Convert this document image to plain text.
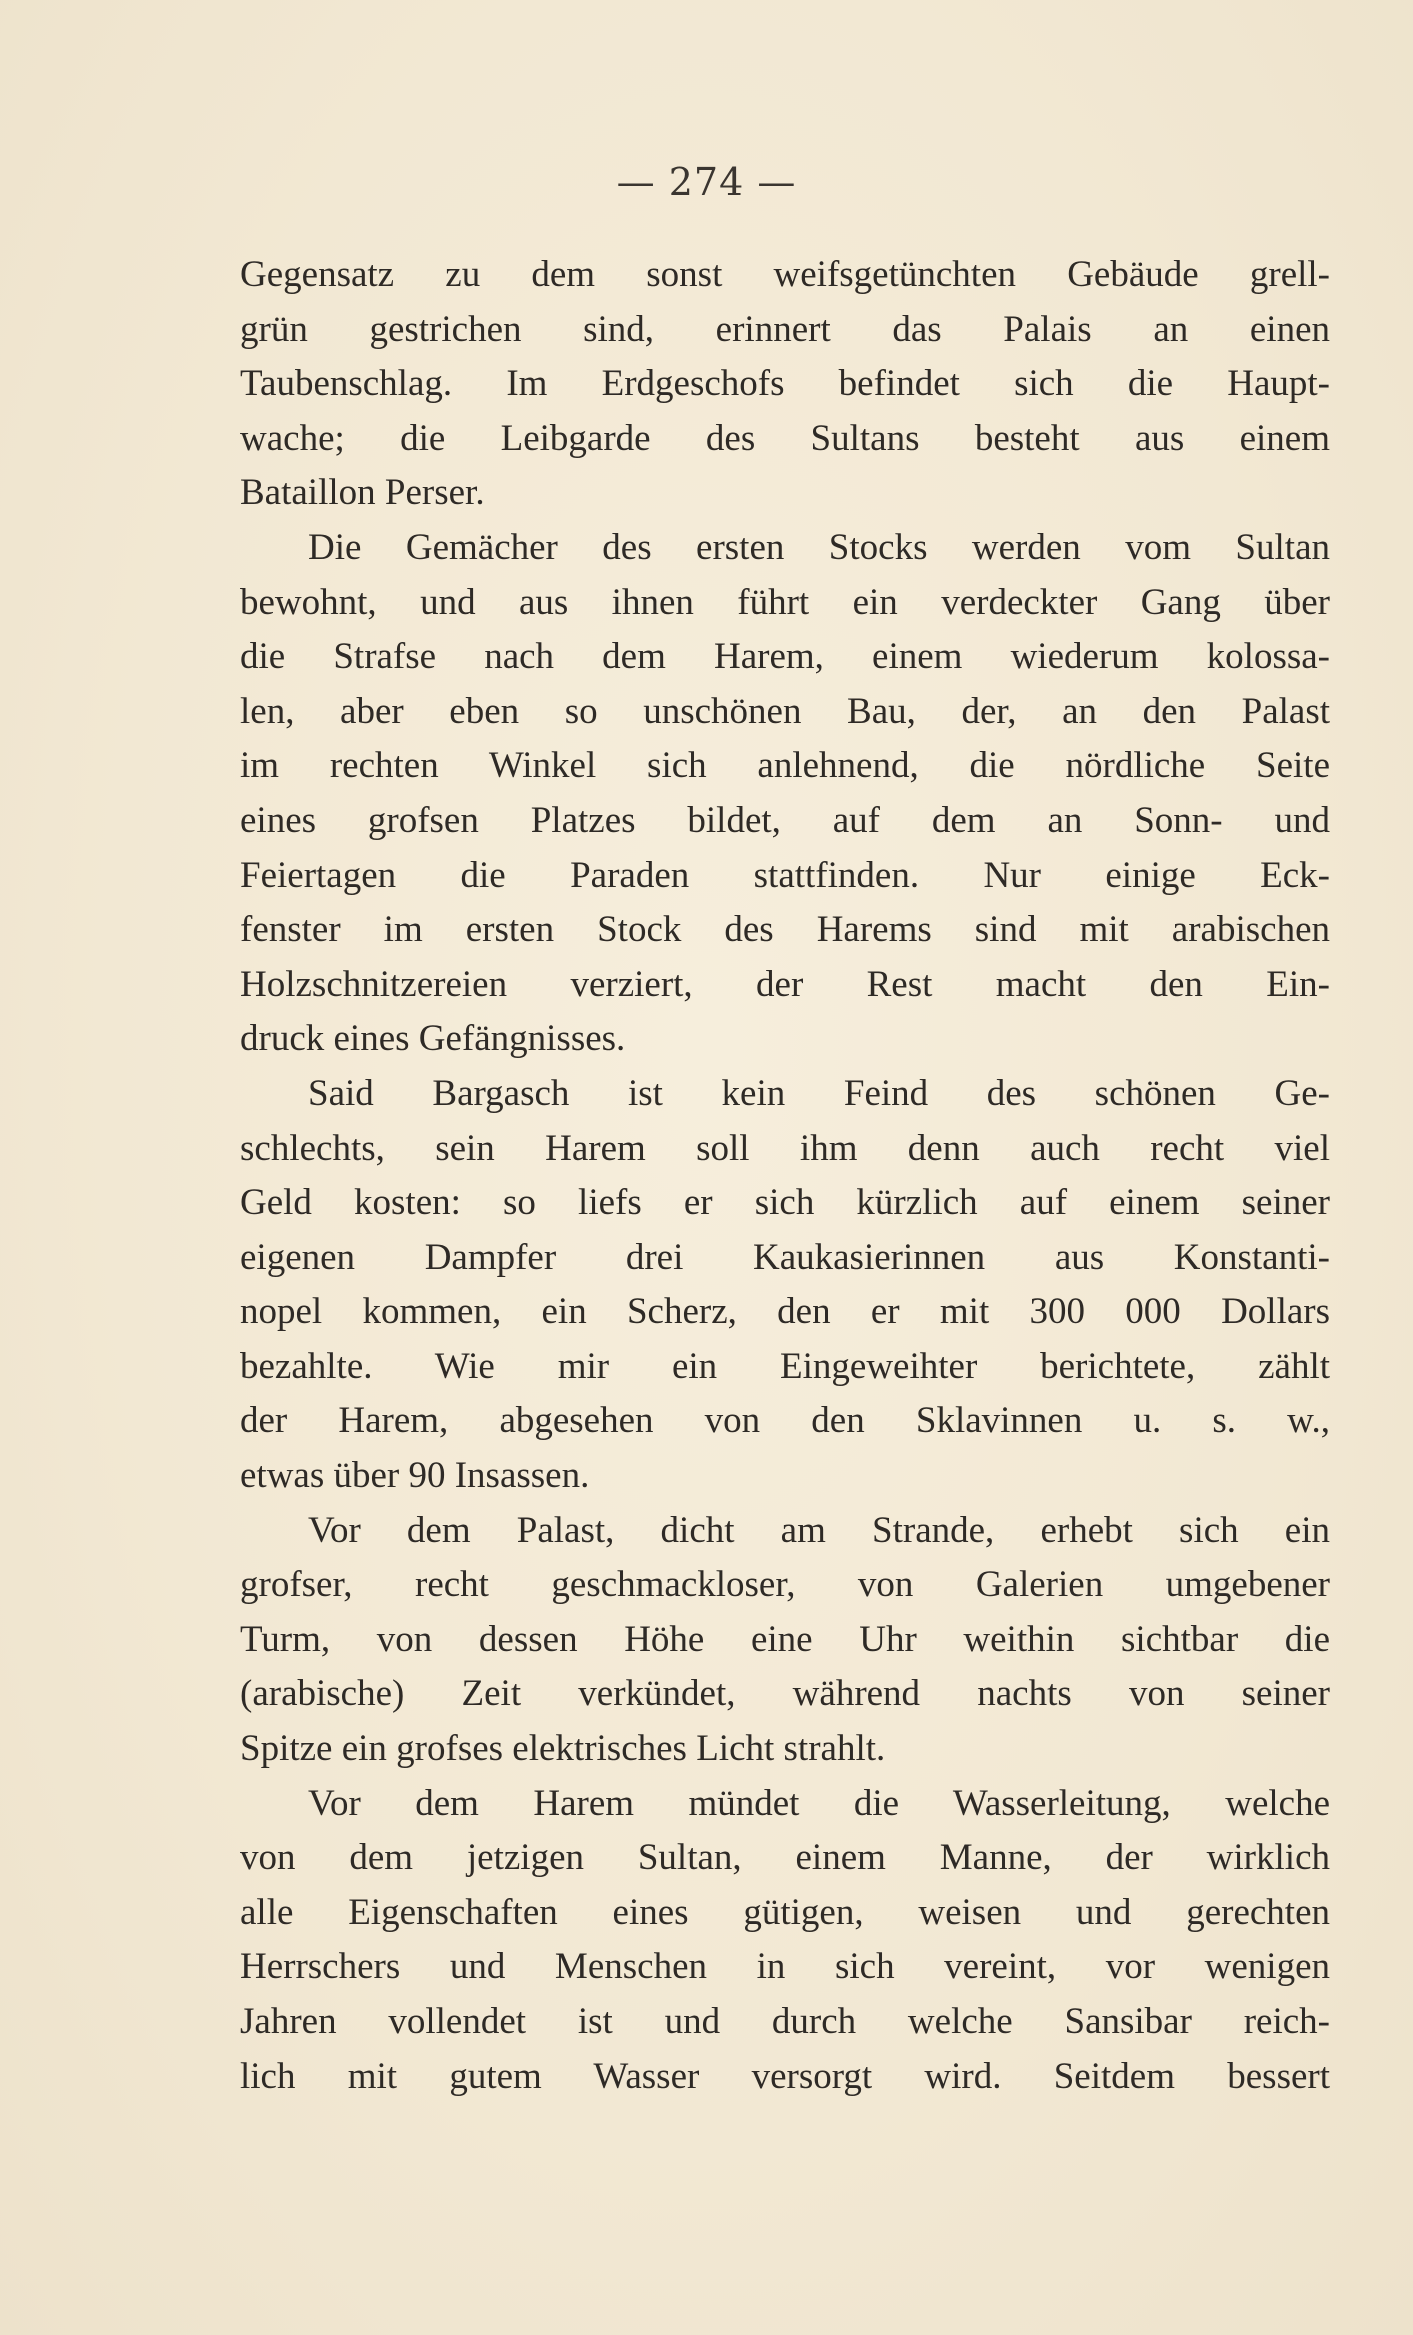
— 274 —
Gegensatz zu dem sonst weifsgetünchten Gebäude grell-
grün gestrichen sind, erinnert das Palais an einen
Taubenschlag. Im Erdgeschofs befindet sich die Haupt-
wache; die Leibgarde des Sultans besteht aus einem
Bataillon Perser.
Die Gemächer des ersten Stocks werden vom Sultan
bewohnt, und aus ihnen führt ein verdeckter Gang über
die Strafse nach dem Harem, einem wiederum kolossa-
len, aber eben so unschönen Bau, der, an den Palast
im rechten Winkel sich anlehnend, die nördliche Seite
eines grofsen Platzes bildet, auf dem an Sonn- und
Feiertagen die Paraden stattfinden. Nur einige Eck-
fenster im ersten Stock des Harems sind mit arabischen
Holzschnitzereien verziert, der Rest macht den Ein-
druck eines Gefängnisses.
Said Bargasch ist kein Feind des schönen Ge-
schlechts, sein Harem soll ihm denn auch recht viel
Geld kosten: so liefs er sich kürzlich auf einem seiner
eigenen Dampfer drei Kaukasierinnen aus Konstanti-
nopel kommen, ein Scherz, den er mit 300 000 Dollars
bezahlte. Wie mir ein Eingeweihter berichtete, zählt
der Harem, abgesehen von den Sklavinnen u. s. w.,
etwas über 90 Insassen.
Vor dem Palast, dicht am Strande, erhebt sich ein
grofser, recht geschmackloser, von Galerien umgebener
Turm, von dessen Höhe eine Uhr weithin sichtbar die
(arabische) Zeit verkündet, während nachts von seiner
Spitze ein grofses elektrisches Licht strahlt.
Vor dem Harem mündet die Wasserleitung, welche
von dem jetzigen Sultan, einem Manne, der wirklich
alle Eigenschaften eines gütigen, weisen und gerechten
Herrschers und Menschen in sich vereint, vor wenigen
Jahren vollendet ist und durch welche Sansibar reich-
lich mit gutem Wasser versorgt wird. Seitdem bessert
